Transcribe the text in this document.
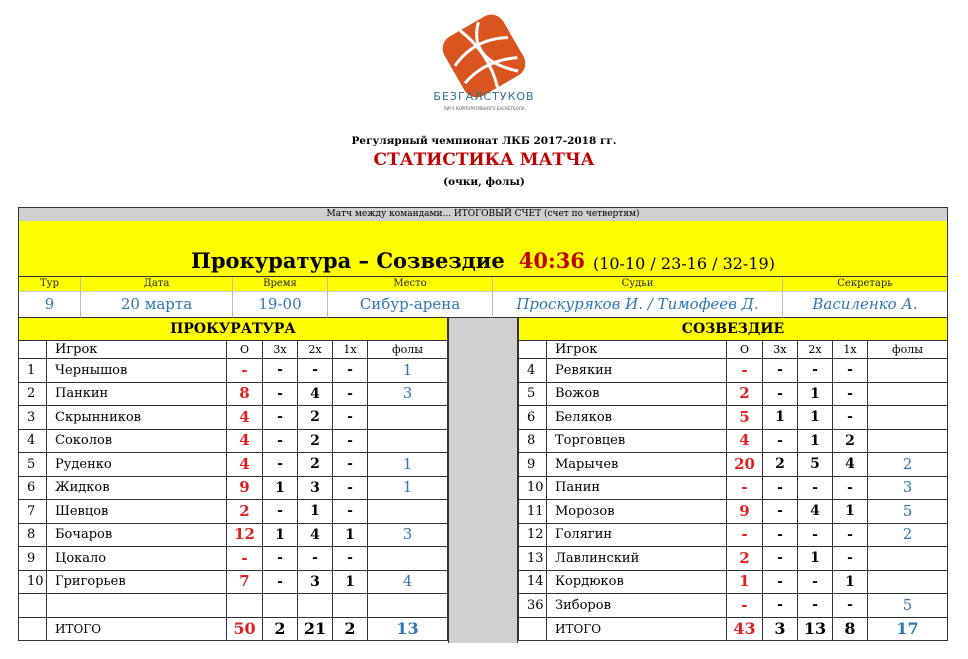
БЕЗГАЛСТУКОВ
ЛИГА КОРПОРАТИВНОГО БАСКЕТБОЛА
Регулярный чемпионат ЛКБ 2017-2018 гг.
СТАТИСТИКА МАТЧА
(очки, фолы)
Матч между командами... ИТОГОВЫЙ СЧЕТ (счет по четвертям)
Прокуратура – Созвездие 40:36 (10-10 / 23-16 / 32-19)
Тур	Дата	Время	Место	Судьи	Секретарь
9	20 марта	19-00	Сибур-арена	Проскуряков И. / Тимофеев Д.	Василенко А.
ПРОКУРАТУРА	СОЗВЕЗДИЕ
Игрок	О	3х	2х	1х	фолы
1	Чернышов	-	-	-	-	1
2	Панкин	8	-	4	-	3
3	Скрынников	4	-	2	-
4	Соколов	4	-	2	-
5	Руденко	4	-	2	-	1
6	Жидков	9	1	3	-	1
7	Шевцов	2	-	1	-
8	Бочаров	12	1	4	1	3
9	Цокало	-	-	-	-
10 Григорьев	7	-	3	1	4
ИТОГО	50	2	21	2	13
Игрок	О	3х	2х	1х	фолы
4	Ревякин	-	-	-	-
5	Вожов	2	-	1	-
6	Беляков	5	1	1	-
8	Торговцев	4	-	1	2
9	Марычев	20	2	5	4	2
10 Панин	-	-	-	-	3
11 Морозов	9	-	4	1	5
12 Голягин	-	-	-	-	2
13 Лавлинский	2	-	1	-
14 Кордюков	1	-	-	1
36 Зиборов	-	-	-	-	5
ИТОГО	43	3	13	8	17
